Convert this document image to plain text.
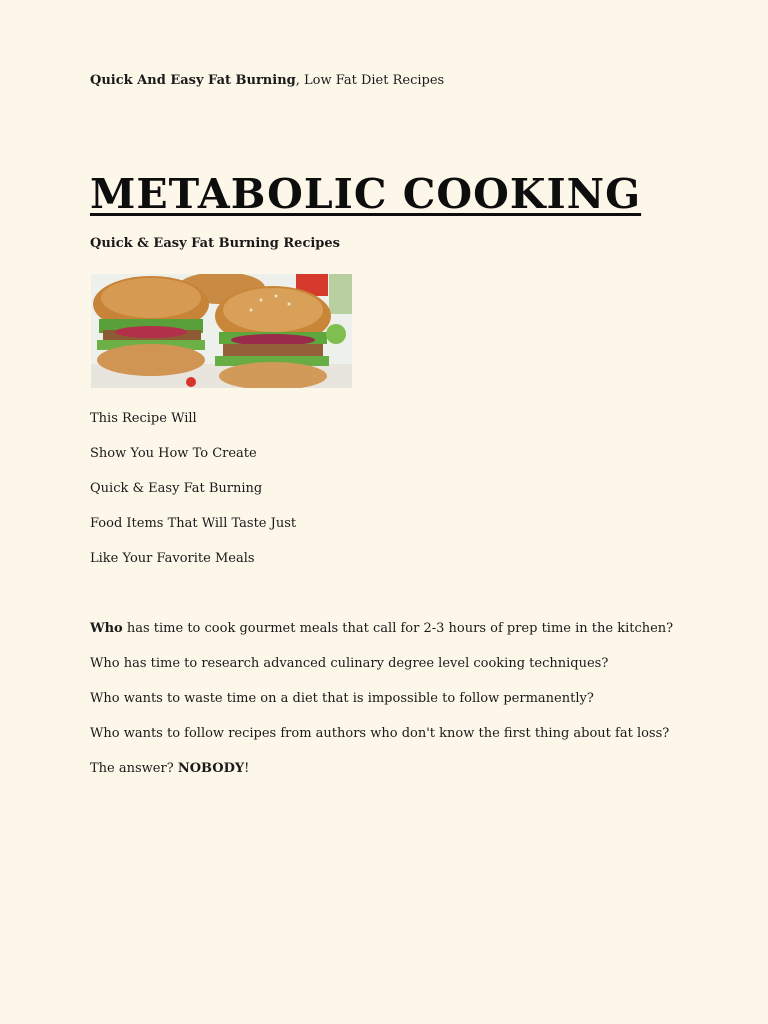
Quick And Easy Fat Burning, Low Fat Diet Recipes
METABOLIC COOKING
Quick & Easy Fat Burning Recipes
This Recipe Will
Show You How To Create
Quick & Easy Fat Burning
Food Items That Will Taste Just
Like Your Favorite Meals
Who has time to cook gourmet meals that call for 2-3 hours of prep time in the kitchen?
Who has time to research advanced culinary degree level cooking techniques?
Who wants to waste time on a diet that is impossible to follow permanently?
Who wants to follow recipes from authors who don't know the first thing about fat loss?
The answer? NOBODY!
